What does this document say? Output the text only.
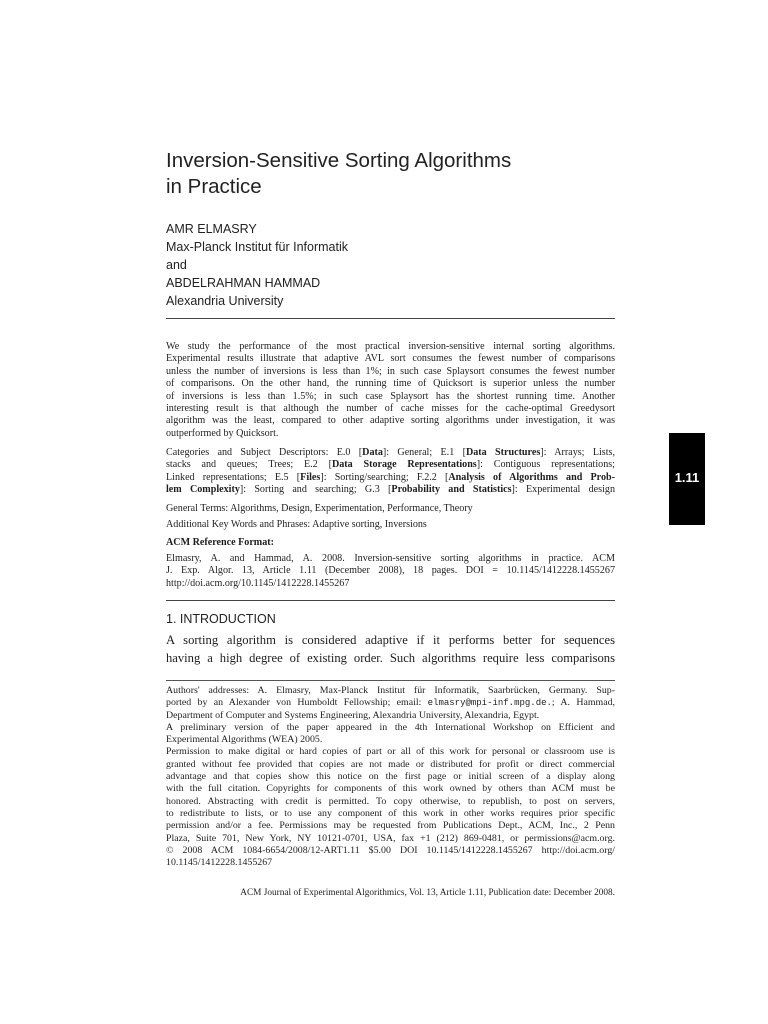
Inversion-Sensitive Sorting Algorithms
in Practice
AMR ELMASRY
Max-Planck Institut für Informatik
and
ABDELRAHMAN HAMMAD
Alexandria University
We study the performance of the most practical inversion-sensitive internal sorting algorithms.
Experimental results illustrate that adaptive AVL sort consumes the fewest number of comparisons
unless the number of inversions is less than 1%; in such case Splaysort consumes the fewest number
of comparisons. On the other hand, the running time of Quicksort is superior unless the number
of inversions is less than 1.5%; in such case Splaysort has the shortest running time. Another
interesting result is that although the number of cache misses for the cache-optimal Greedysort
algorithm was the least, compared to other adaptive sorting algorithms under investigation, it was
outperformed by Quicksort.
Categories and Subject Descriptors: E.0 [Data]: General; E.1 [Data Structures]: Arrays; Lists,
stacks and queues; Trees; E.2 [Data Storage Representations]: Contiguous representations;
Linked representations; E.5 [Files]: Sorting/searching; F.2.2 [Analysis of Algorithms and Prob-
lem Complexity]: Sorting and searching; G.3 [Probability and Statistics]: Experimental design
General Terms: Algorithms, Design, Experimentation, Performance, Theory
Additional Key Words and Phrases: Adaptive sorting, Inversions
ACM Reference Format:
Elmasry, A. and Hammad, A. 2008. Inversion-sensitive sorting algorithms in practice. ACM
J. Exp. Algor. 13, Article 1.11 (December 2008), 18 pages. DOI = 10.1145/1412228.1455267
http://doi.acm.org/10.1145/1412228.1455267
1.11
1. INTRODUCTION
A sorting algorithm is considered adaptive if it performs better for sequences
having a high degree of existing order. Such algorithms require less comparisons
Authors' addresses: A. Elmasry, Max-Planck Institut für Informatik, Saarbrücken, Germany. Sup-
ported by an Alexander von Humboldt Fellowship; email: elmasry@mpi-inf.mpg.de.; A. Hammad,
Department of Computer and Systems Engineering, Alexandria University, Alexandria, Egypt.
A preliminary version of the paper appeared in the 4th International Workshop on Efficient and
Experimental Algorithms (WEA) 2005.
Permission to make digital or hard copies of part or all of this work for personal or classroom use is
granted without fee provided that copies are not made or distributed for profit or direct commercial
advantage and that copies show this notice on the first page or initial screen of a display along
with the full citation. Copyrights for components of this work owned by others than ACM must be
honored. Abstracting with credit is permitted. To copy otherwise, to republish, to post on servers,
to redistribute to lists, or to use any component of this work in other works requires prior specific
permission and/or a fee. Permissions may be requested from Publications Dept., ACM, Inc., 2 Penn
Plaza, Suite 701, New York, NY 10121-0701, USA, fax +1 (212) 869-0481, or permissions@acm.org.
© 2008 ACM 1084-6654/2008/12-ART1.11 $5.00 DOI 10.1145/1412228.1455267 http://doi.acm.org/
10.1145/1412228.1455267
ACM Journal of Experimental Algorithmics, Vol. 13, Article 1.11, Publication date: December 2008.
